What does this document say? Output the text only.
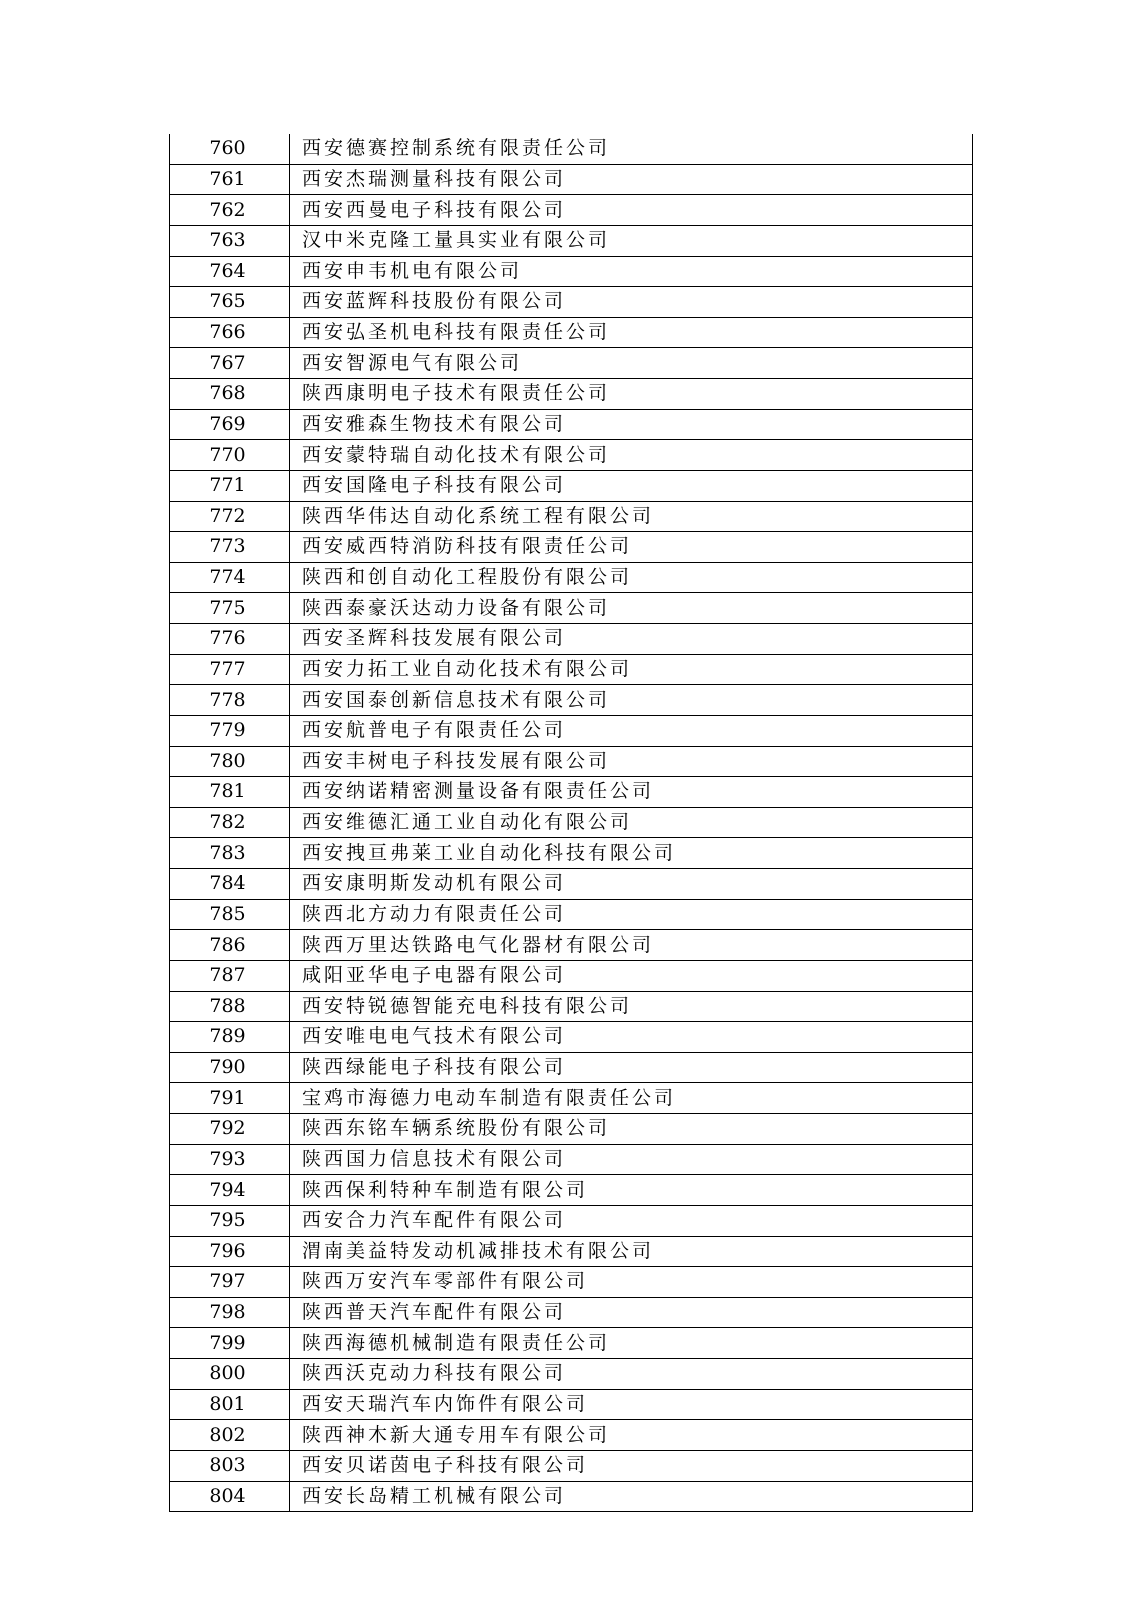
760	西安德赛控制系统有限责任公司
761	西安杰瑞测量科技有限公司
762	西安西曼电子科技有限公司
763	汉中米克隆工量具实业有限公司
764	西安申韦机电有限公司
765	西安蓝辉科技股份有限公司
766	西安弘圣机电科技有限责任公司
767	西安智源电气有限公司
768	陕西康明电子技术有限责任公司
769	西安雅森生物技术有限公司
770	西安蒙特瑞自动化技术有限公司
771	西安国隆电子科技有限公司
772	陕西华伟达自动化系统工程有限公司
773	西安威西特消防科技有限责任公司
774	陕西和创自动化工程股份有限公司
775	陕西泰豪沃达动力设备有限公司
776	西安圣辉科技发展有限公司
777	西安力拓工业自动化技术有限公司
778	西安国泰创新信息技术有限公司
779	西安航普电子有限责任公司
780	西安丰树电子科技发展有限公司
781	西安纳诺精密测量设备有限责任公司
782	西安维德汇通工业自动化有限公司
783	西安拽亘弗莱工业自动化科技有限公司
784	西安康明斯发动机有限公司
785	陕西北方动力有限责任公司
786	陕西万里达铁路电气化器材有限公司
787	咸阳亚华电子电器有限公司
788	西安特锐德智能充电科技有限公司
789	西安唯电电气技术有限公司
790	陕西绿能电子科技有限公司
791	宝鸡市海德力电动车制造有限责任公司
792	陕西东铭车辆系统股份有限公司
793	陕西国力信息技术有限公司
794	陕西保利特种车制造有限公司
795	西安合力汽车配件有限公司
796	渭南美益特发动机减排技术有限公司
797	陕西万安汽车零部件有限公司
798	陕西普天汽车配件有限公司
799	陕西海德机械制造有限责任公司
800	陕西沃克动力科技有限公司
801	西安天瑞汽车内饰件有限公司
802	陕西神木新大通专用车有限公司
803	西安贝诺茵电子科技有限公司
804	西安长岛精工机械有限公司
